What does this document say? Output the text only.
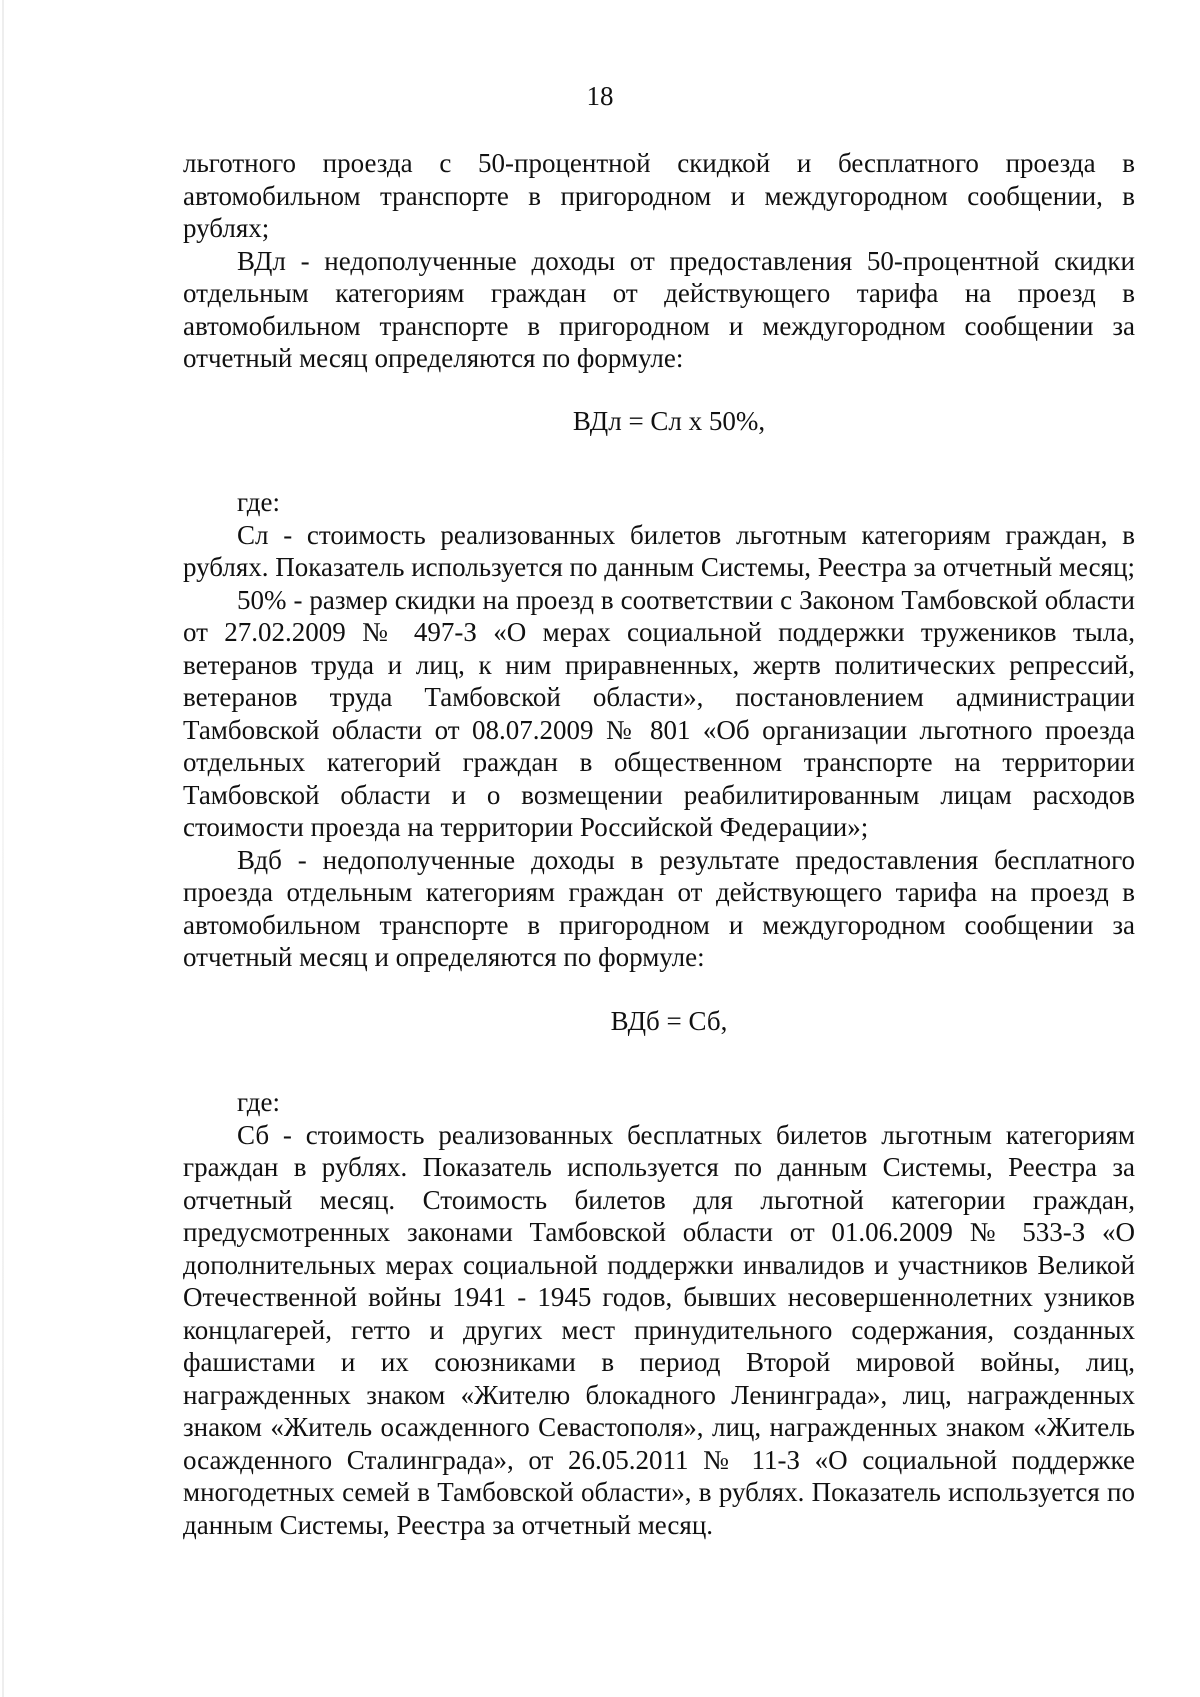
18

льготного проезда с 50-процентной скидкой и бесплатного проезда в автомобильном транспорте в пригородном и междугородном сообщении, в рублях;

ВДл - недополученные доходы от предоставления 50-процентной скидки отдельным категориям граждан от действующего тарифа на проезд в автомобильном транспорте в пригородном и междугородном сообщении за отчетный месяц определяются по формуле:

ВДл = Сл х 50%,

где:

Сл - стоимость реализованных билетов льготным категориям граждан, в рублях. Показатель используется по данным Системы, Реестра за отчетный месяц;

50% - размер скидки на проезд в соответствии с Законом Тамбовской области от 27.02.2009 № 497-З «О мерах социальной поддержки тружеников тыла, ветеранов труда и лиц, к ним приравненных, жертв политических репрессий, ветеранов труда Тамбовской области», постановлением администрации Тамбовской области от 08.07.2009 № 801 «Об организации льготного проезда отдельных категорий граждан в общественном транспорте на территории Тамбовской области и о возмещении реабилитированным лицам расходов стоимости проезда на территории Российской Федерации»;

Вдб - недополученные доходы в результате предоставления бесплатного проезда отдельным категориям граждан от действующего тарифа на проезд в автомобильном транспорте в пригородном и междугородном сообщении за отчетный месяц и определяются по формуле:

ВДб = Сб,

где:

Сб - стоимость реализованных бесплатных билетов льготным категориям граждан в рублях. Показатель используется по данным Системы, Реестра за отчетный месяц. Стоимость билетов для льготной категории граждан, предусмотренных законами Тамбовской области от 01.06.2009 № 533-З «О дополнительных мерах социальной поддержки инвалидов и участников Великой Отечественной войны 1941 - 1945 годов, бывших несовершеннолетних узников концлагерей, гетто и других мест принудительного содержания, созданных фашистами и их союзниками в период Второй мировой войны, лиц, награжденных знаком «Жителю блокадного Ленинграда», лиц, награжденных знаком «Житель осажденного Севастополя», лиц, награжденных знаком «Житель осажденного Сталинграда», от 26.05.2011 № 11-З «О социальной поддержке многодетных семей в Тамбовской области», в рублях. Показатель используется по данным Системы, Реестра за отчетный месяц.
